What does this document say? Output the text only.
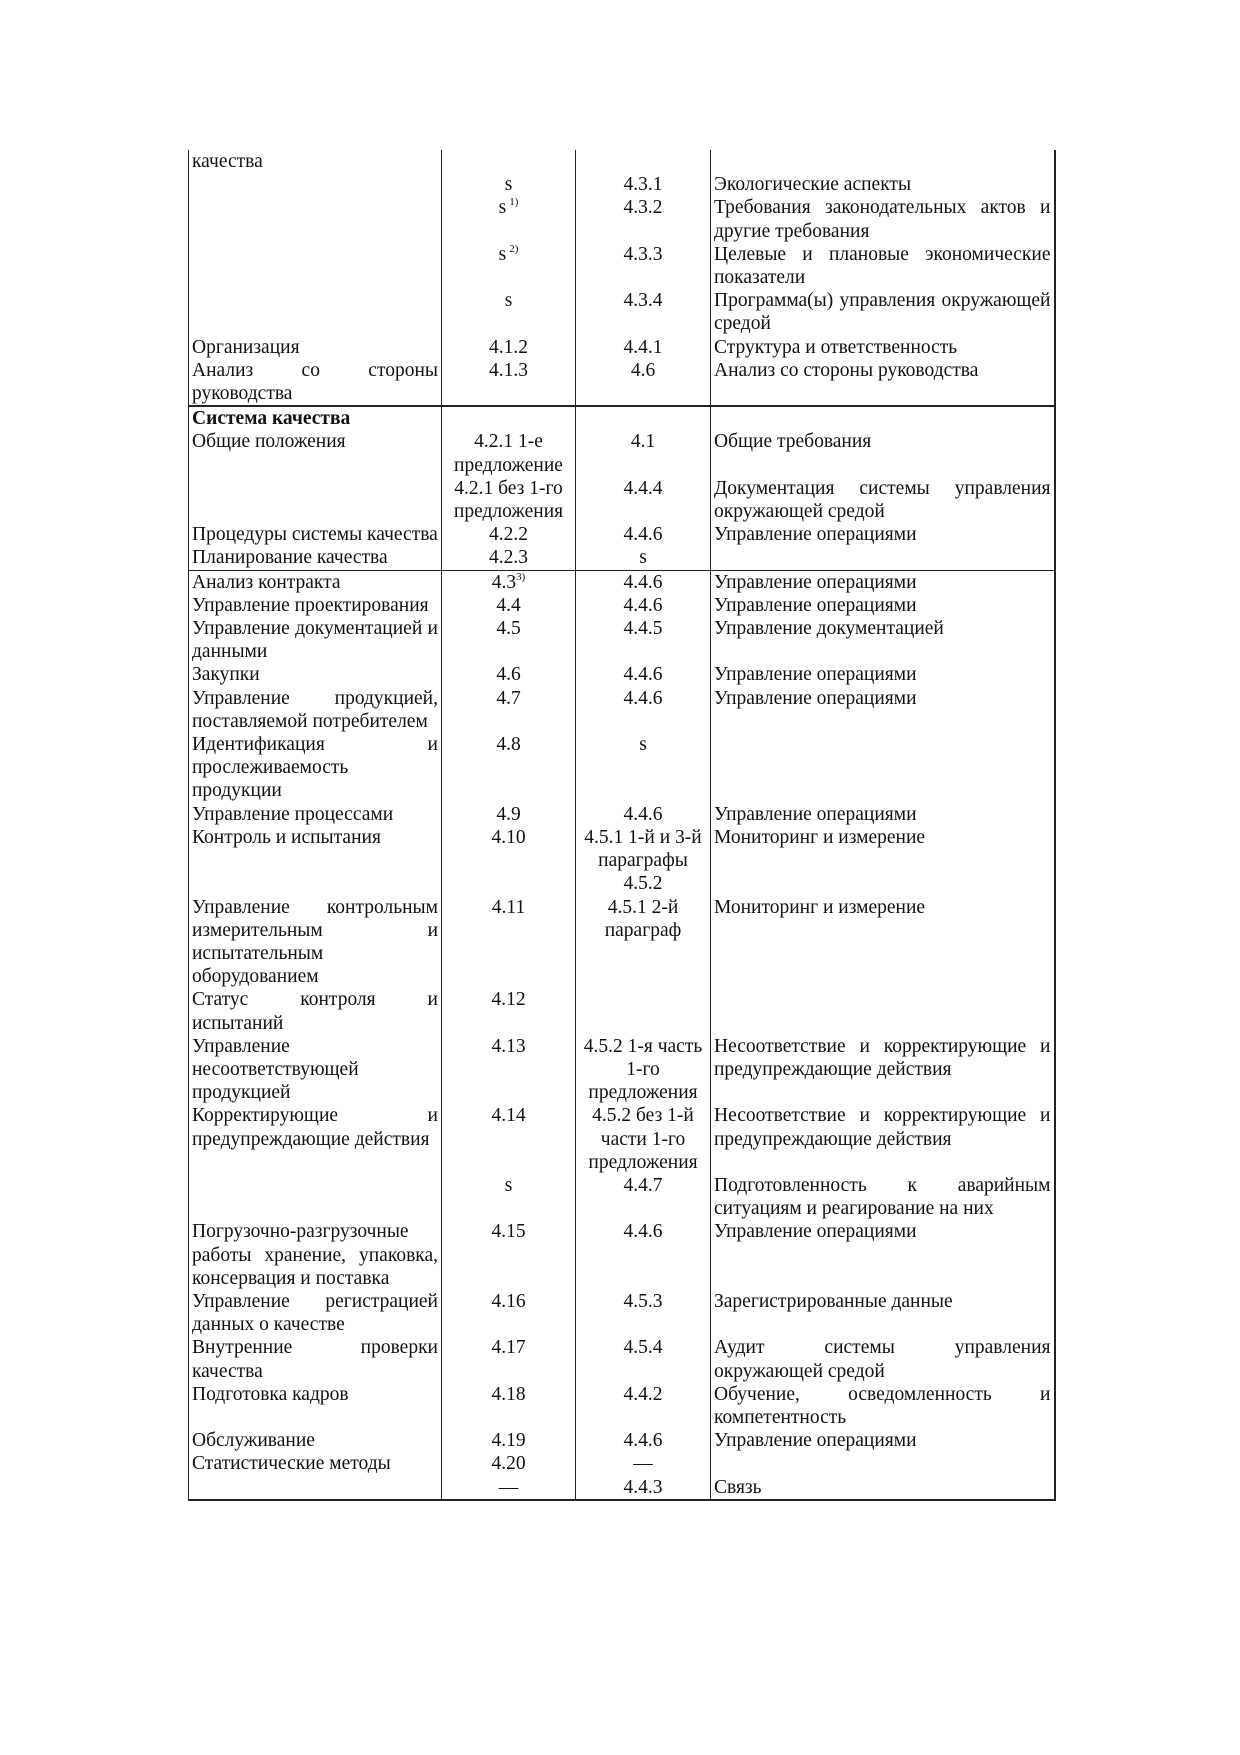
качества			
	s	4.3.1	Экологические аспекты
	s $^{1)}$	4.3.2	Требования законодательных актов и другие требования
	s $^{2)}$	4.3.3	Целевые и плановые экономические показатели
	s	4.3.4	Программа(ы) управления окружающей средой
Организация	4.1.2	4.4.1	Структура и ответственность
Анализ со стороны руководства	4.1.3	4.6	Анализ со стороны руководства
Система качества			
Общие положения	4.2.1 1-е предложение	4.1	Общие требования
	4.2.1 без 1-го предложения	4.4.4	Документация системы управления окружающей средой
Процедуры системы качества	4.2.2	4.4.6	Управление операциями
Планирование качества	4.2.3	s	
Анализ контракта	4.3$^{3)}$	4.4.6	Управление операциями
Управление проектирования	4.4	4.4.6	Управление операциями
Управление документацией и данными	4.5	4.4.5	Управление документацией
Закупки	4.6	4.4.6	Управление операциями
Управление продукцией, поставляемой потребителем	4.7	4.4.6	Управление операциями
Идентификация и прослеживаемость продукции	4.8	s	
Управление процессами	4.9	4.4.6	Управление операциями
Контроль и испытания	4.10	4.5.1 1-й и 3-й параграфы 4.5.2	Мониторинг и измерение
Управление контрольным измерительным и испытательным оборудованием	4.11	4.5.1 2-й параграф	Мониторинг и измерение
Статус контроля и испытаний	4.12		
Управление несоответствующей продукцией	4.13	4.5.2 1-я часть 1-го предложения	Несоответствие и корректирующие и предупреждающие действия
Корректирующие и предупреждающие действия	4.14	4.5.2 без 1-й части 1-го предложения	Несоответствие и корректирующие и предупреждающие действия
	s	4.4.7	Подготовленность к аварийным ситуациям и реагирование на них
Погрузочно-разгрузочные работы хранение, упаковка, консервация и поставка	4.15	4.4.6	Управление операциями
Управление регистрацией данных о качестве	4.16	4.5.3	Зарегистрированные данные
Внутренние проверки качества	4.17	4.5.4	Аудит системы управления окружающей средой
Подготовка кадров	4.18	4.4.2	Обучение, осведомленность и компетентность
Обслуживание	4.19	4.4.6	Управление операциями
Статистические методы	4.20	—	
	—	4.4.3	Связь
